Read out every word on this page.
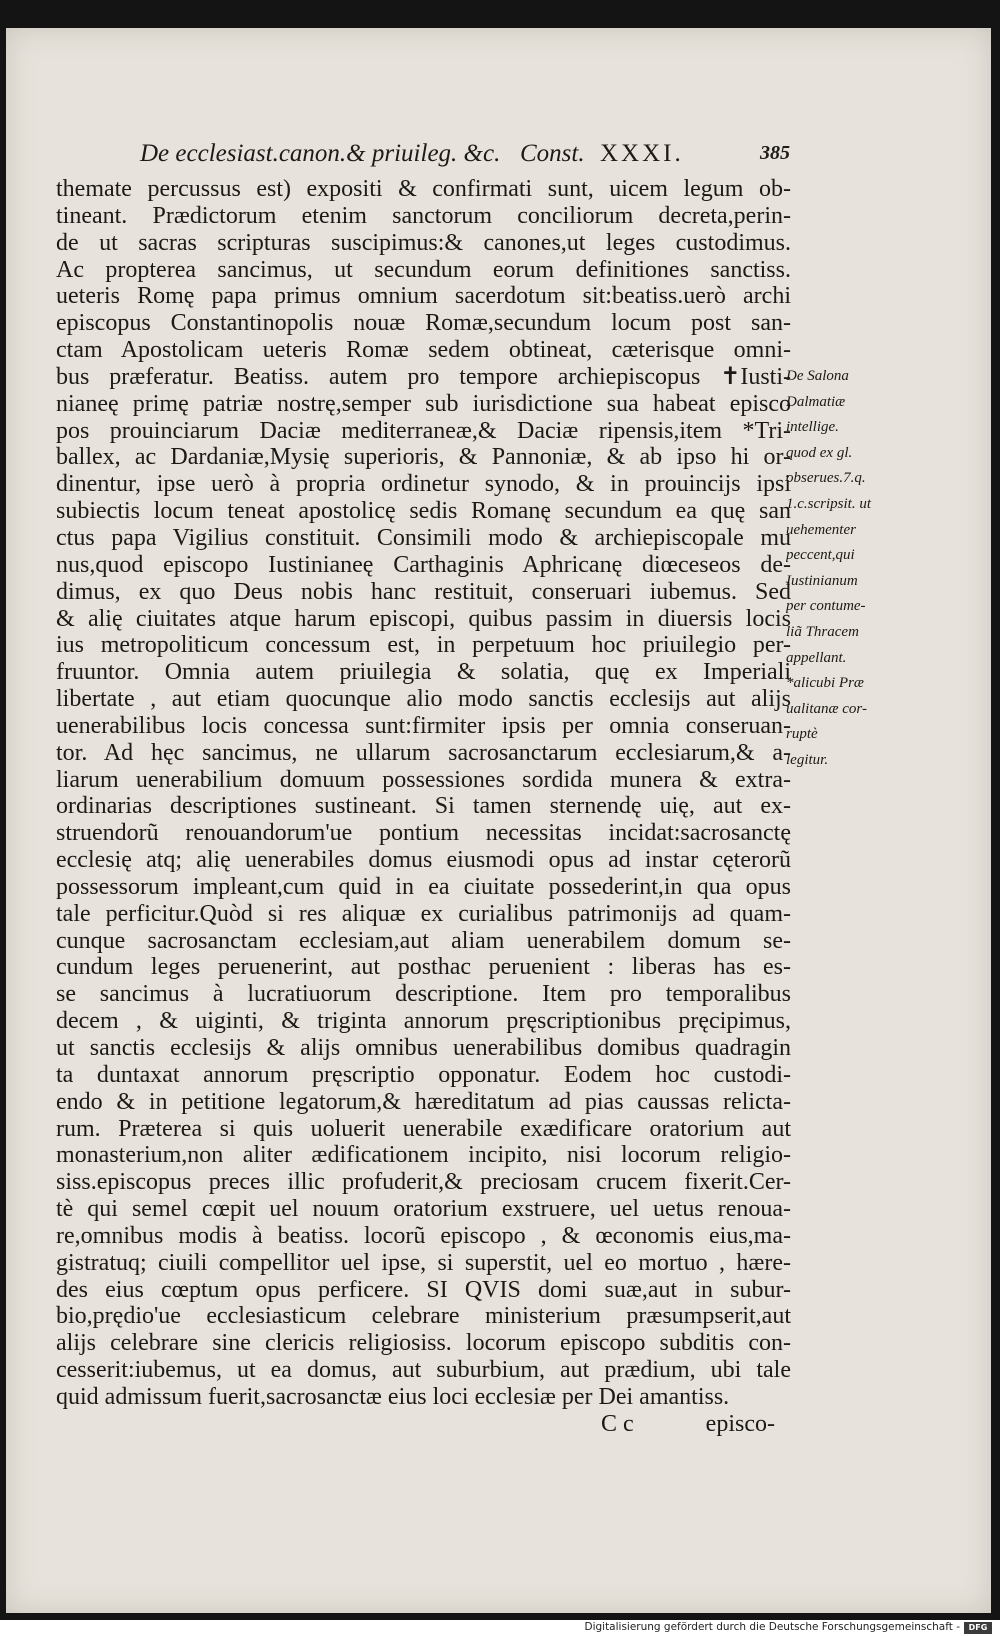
De ecclesiast.canon.& priuileg. &c. Const. XXXI.	385
themate percussus est) expositi & confirmati sunt, uicem legum ob-
tineant. Prædictorum etenim sanctorum conciliorum decreta,perin-
de ut sacras scripturas suscipimus:& canones,ut leges custodimus.
Ac propterea sancimus, ut secundum eorum definitiones sanctiss.
ueteris Romę papa primus omnium sacerdotum sit:beatiss.uerò archi
episcopus Constantinopolis nouæ Romæ,secundum locum post san-
ctam Apostolicam ueteris Romæ sedem obtineat, cæterisque omni-
bus præferatur. Beatiss. autem pro tempore archiepiscopus ✝Iusti-
nianeę primę patriæ nostrę,semper sub iurisdictione sua habeat episco
pos prouinciarum Daciæ mediterraneæ,& Daciæ ripensis,item *Tri-
ballex, ac Dardaniæ,Mysię superioris, & Pannoniæ, & ab ipso hi or-
dinentur, ipse uerò à propria ordinetur synodo, & in prouincijs ipsi
subiectis locum teneat apostolicę sedis Romanę secundum ea quę san
ctus papa Vigilius constituit. Consimili modo & archiepiscopale mu
nus,quod episcopo Iustinianeę Carthaginis Aphricanę diœceseos de-
dimus, ex quo Deus nobis hanc restituit, conseruari iubemus. Sed
& alię ciuitates atque harum episcopi, quibus passim in diuersis locis
ius metropoliticum concessum est, in perpetuum hoc priuilegio per-
fruuntor. Omnia autem priuilegia & solatia, quę ex Imperiali
libertate , aut etiam quocunque alio modo sanctis ecclesijs aut alijs
uenerabilibus locis concessa sunt:firmiter ipsis per omnia conseruan-
tor. Ad hęc sancimus, ne ullarum sacrosanctarum ecclesiarum,& a-
liarum uenerabilium domuum possessiones sordida munera & extra-
ordinarias descriptiones sustineant. Si tamen sternendę uię, aut ex-
struendorũ renouandorum'ue pontium necessitas incidat:sacrosanctę
ecclesię atq; alię uenerabiles domus eiusmodi opus ad instar cęterorũ
possessorum impleant,cum quid in ea ciuitate possederint,in qua opus
tale perficitur.Quòd si res aliquæ ex curialibus patrimonijs ad quam-
cunque sacrosanctam ecclesiam,aut aliam uenerabilem domum se-
cundum leges peruenerint, aut posthac peruenient : liberas has es-
se sancimus à lucratiuorum descriptione. Item pro temporalibus
decem , & uiginti, & triginta annorum pręscriptionibus pręcipimus,
ut sanctis ecclesijs & alijs omnibus uenerabilibus domibus quadragin
ta duntaxat annorum pręscriptio opponatur. Eodem hoc custodi-
endo & in petitione legatorum,& hæreditatum ad pias caussas relicta-
rum. Præterea si quis uoluerit uenerabile exædificare oratorium aut
monasterium,non aliter ædificationem incipito, nisi locorum religio-
siss.episcopus preces illic profuderit,& preciosam crucem fixerit.Cer-
tè qui semel cœpit uel nouum oratorium exstruere, uel uetus renoua-
re,omnibus modis à beatiss. locorũ episcopo , & œconomis eius,ma-
gistratuq; ciuili compellitor uel ipse, si superstit, uel eo mortuo , hære-
des eius cœptum opus perficere. SI QVIS domi suæ,aut in subur-
bio,prędio'ue ecclesiasticum celebrare ministerium præsumpserit,aut
alijs celebrare sine clericis religiosiss. locorum episcopo subditis con-
cesserit:iubemus, ut ea domus, aut suburbium, aut prædium, ubi tale
quid admissum fuerit,sacrosanctæ eius loci ecclesiæ per Dei amantiss.
C c	episco-
De Salona
Dalmatiæ
intellige.
quod ex gl.
obserues.7.q.
1.c.scripsit. ut
uehementer
peccent,qui
Iustinianum
per contume-
liã Thracem
appellant.
*alicubi Præ
ualitanæ cor-
ruptè
legitur.
Digitalisierung gefördert durch die Deutsche Forschungsgemeinschaft -	DFG
